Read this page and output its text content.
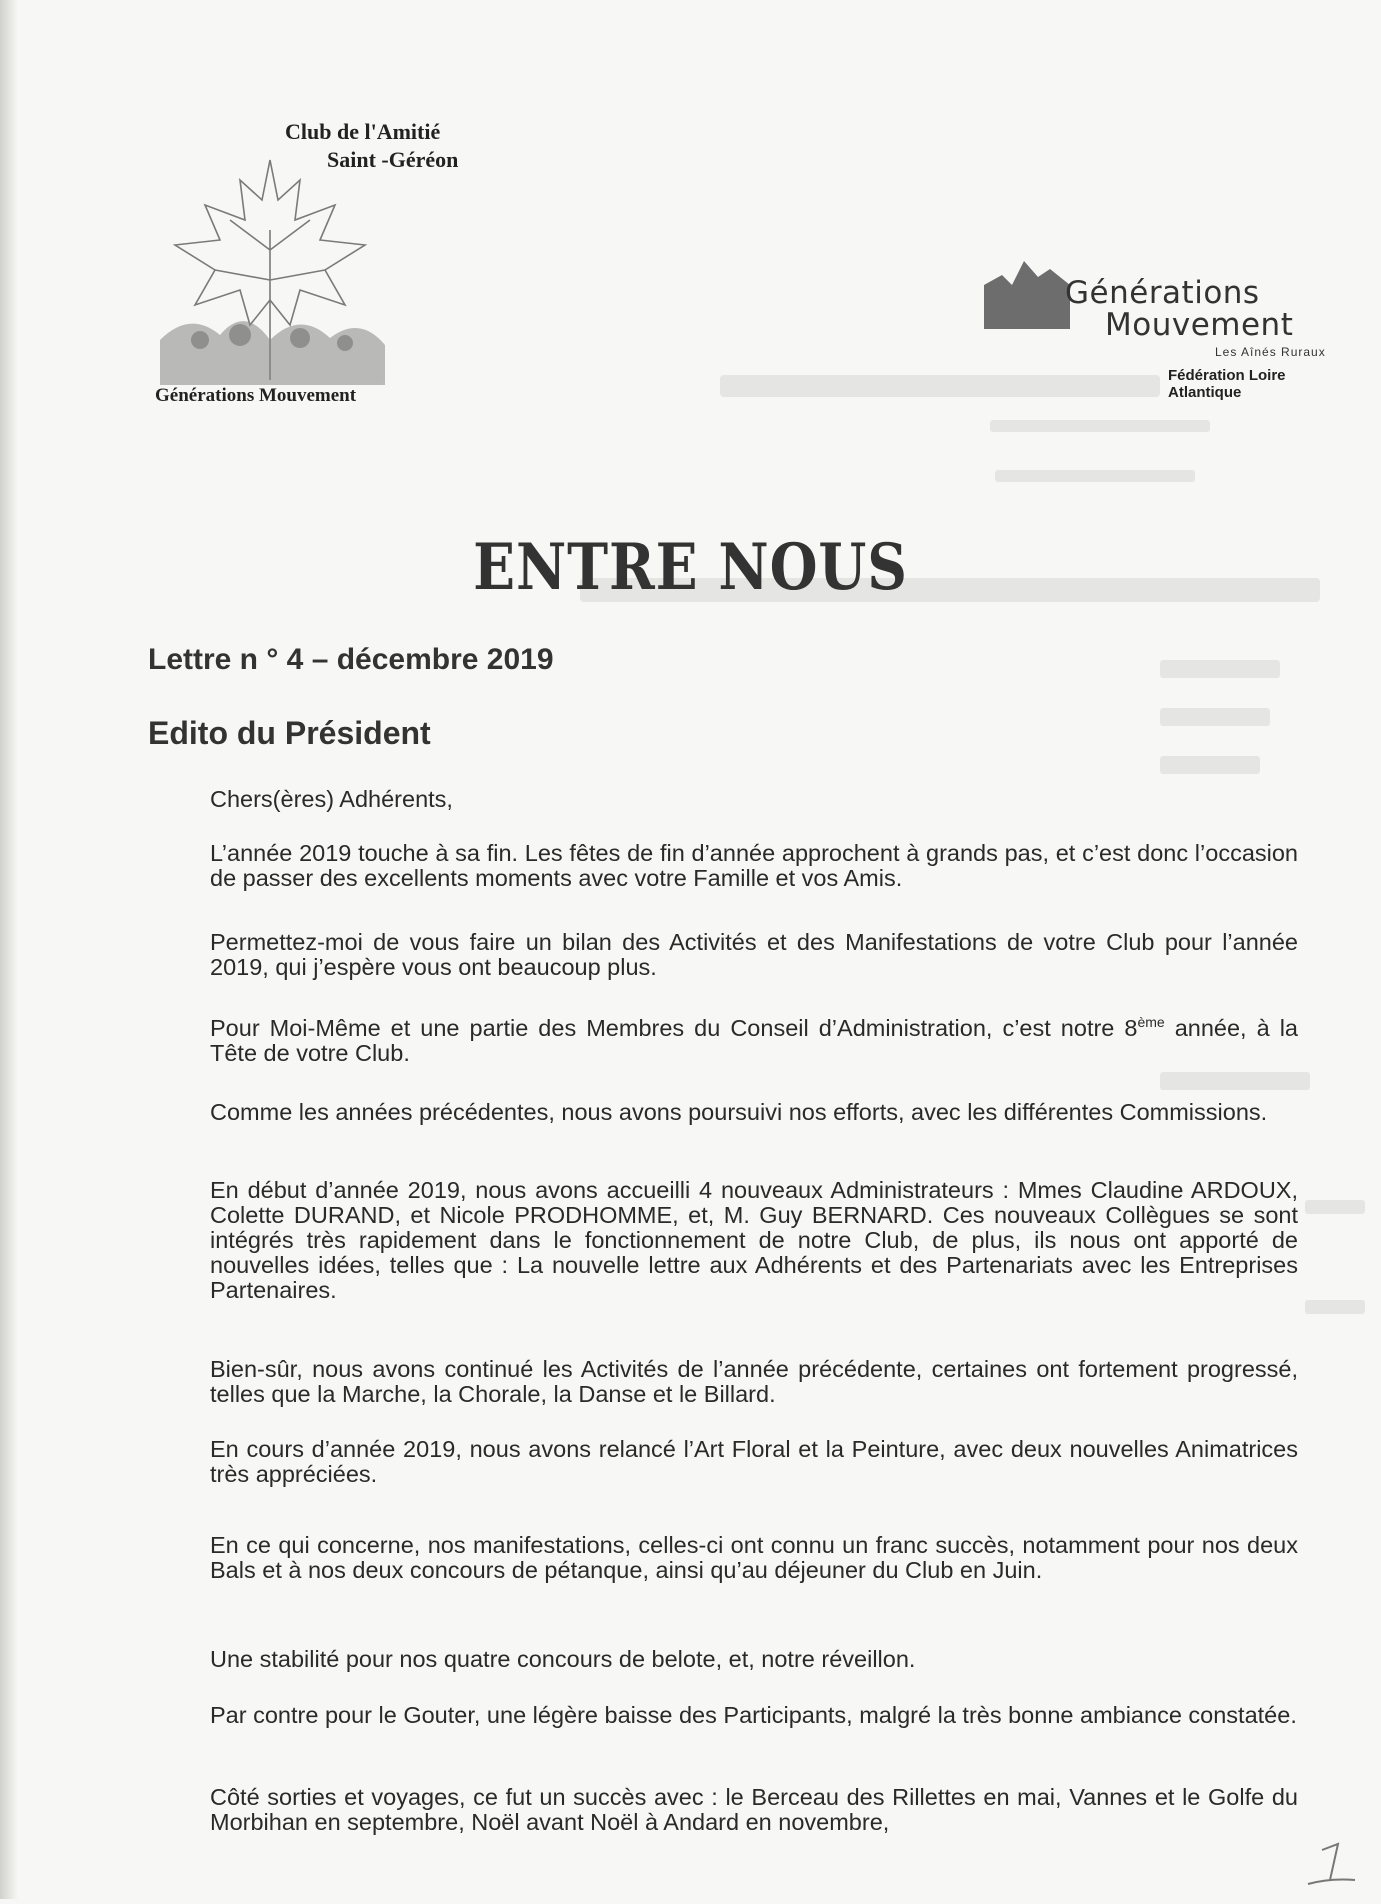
Club de l'Amitié
Saint -Géréon
Générations Mouvement
Générations
Mouvement
Les Aînés Ruraux
Fédération Loire Atlantique
ENTRE NOUS
Lettre n ° 4 – décembre 2019
Edito du Président
Chers(ères) Adhérents,

L’année 2019 touche à sa fin. Les fêtes de fin d’année approchent à grands pas, et c’est donc l’occasion de passer des excellents moments avec votre Famille et vos Amis.

Permettez-moi de vous faire un bilan des Activités et des Manifestations de votre Club pour l’année 2019, qui j’espère vous ont beaucoup plus.

Pour Moi-Même et une partie des Membres du Conseil d’Administration, c’est notre 8ème année, à la Tête de votre Club.

Comme les années précédentes, nous avons poursuivi nos efforts, avec les différentes Commissions.

En début d’année 2019, nous avons accueilli 4 nouveaux Administrateurs : Mmes Claudine ARDOUX, Colette DURAND, et Nicole PRODHOMME, et, M. Guy BERNARD. Ces nouveaux Collègues se sont intégrés très rapidement dans le fonctionnement de notre Club, de plus, ils nous ont apporté de nouvelles idées, telles que : La nouvelle lettre aux Adhérents et des Partenariats avec les Entreprises Partenaires.

Bien-sûr, nous avons continué les Activités de l’année précédente, certaines ont fortement progressé, telles que la Marche, la Chorale, la Danse et le Billard.

En cours d’année 2019, nous avons relancé l’Art Floral et la Peinture, avec deux nouvelles Animatrices très appréciées.

En ce qui concerne, nos manifestations, celles-ci ont connu un franc succès, notamment pour nos deux Bals et à nos deux concours de pétanque, ainsi qu’au déjeuner du Club en Juin.

Une stabilité pour nos quatre concours de belote, et, notre réveillon.

Par contre pour le Gouter, une légère baisse des Participants, malgré la très bonne ambiance constatée.

Côté sorties et voyages, ce fut un succès avec : le Berceau des Rillettes en mai, Vannes et le Golfe du Morbihan en septembre, Noël avant Noël à Andard en novembre,
